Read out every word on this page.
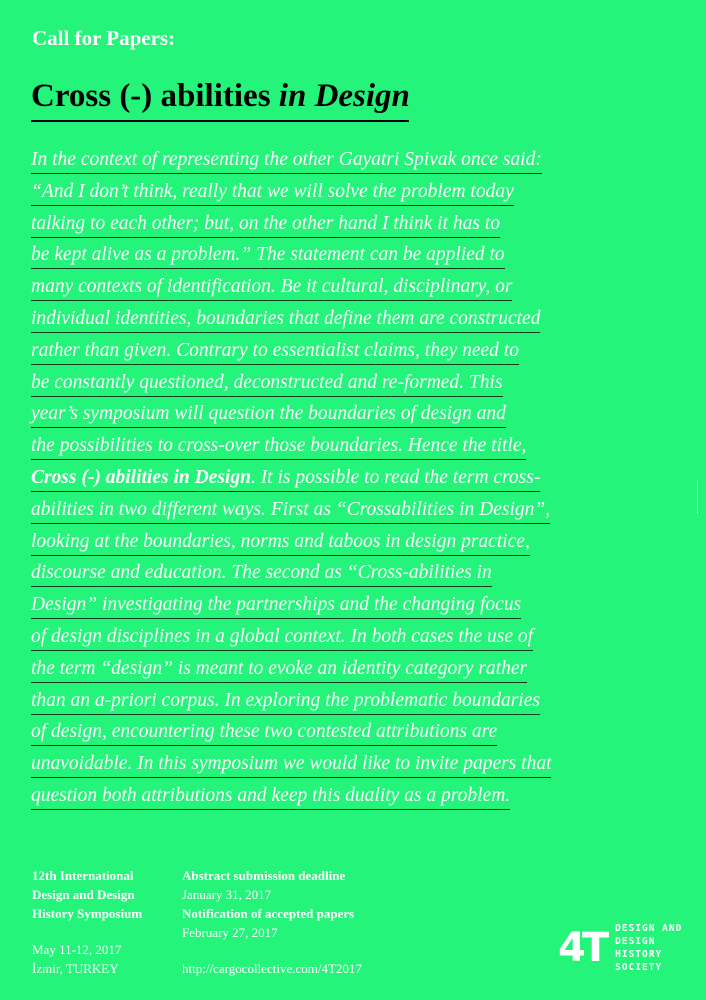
Call for Papers:
Cross (-) abilities in Design
In the context of representing the other Gayatri Spivak once said:
“And I don’t think, really that we will solve the problem today
talking to each other; but, on the other hand I think it has to
be kept alive as a problem.” The statement can be applied to
many contexts of identification. Be it cultural, disciplinary, or
individual identities, boundaries that define them are constructed
rather than given. Contrary to essentialist claims, they need to
be constantly questioned, deconstructed and re-formed. This
year’s symposium will question the boundaries of design and
the possibilities to cross-over those boundaries. Hence the title,
Cross (-) abilities in Design. It is possible to read the term cross-
abilities in two different ways. First as “Crossabilities in Design”,
looking at the boundaries, norms and taboos in design practice,
discourse and education. The second as “Cross-abilities in
Design” investigating the partnerships and the changing focus
of design disciplines in a global context. In both cases the use of
the term “design” is meant to evoke an identity category rather
than an a-priori corpus. In exploring the problematic boundaries
of design, encountering these two contested attributions are
unavoidable. In this symposium we would like to invite papers that
question both attributions and keep this duality as a problem.
12th International
Design and Design
History Symposium
May 11-12, 2017
İzmir, TURKEY
Abstract submission deadline
January 31, 2017
Notification of accepted papers
February 27, 2017
http://cargocollective.com/4T2017	4T DESIGN AND
DESIGN HISTORY
SOCIETY
